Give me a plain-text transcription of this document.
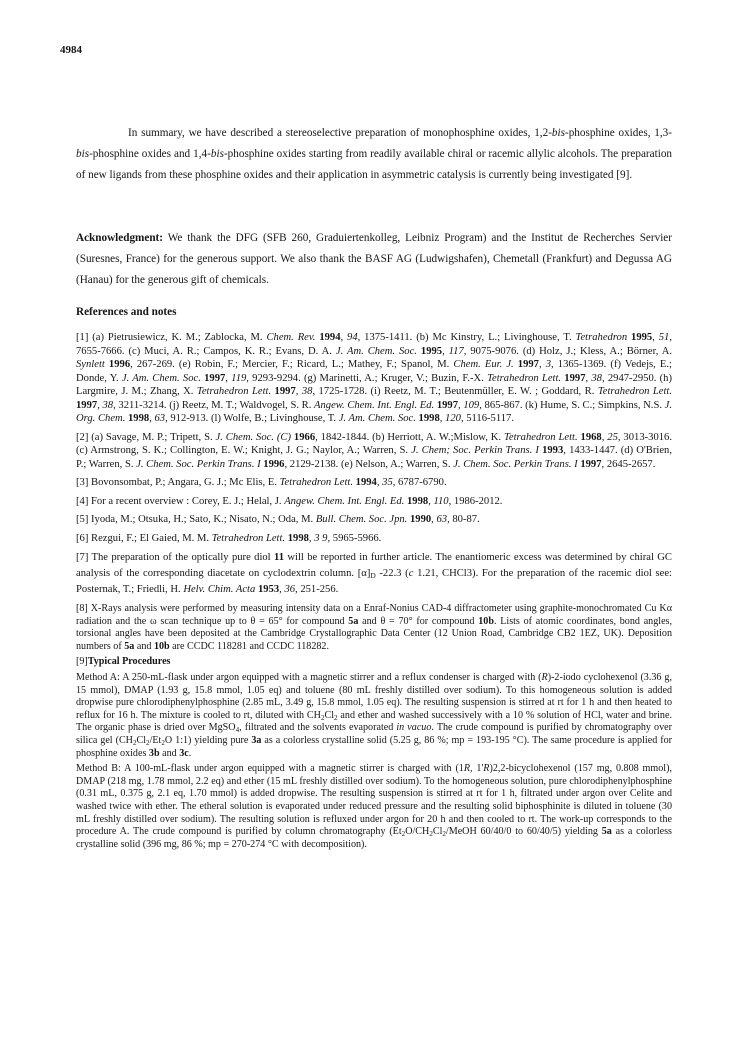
4984

In summary, we have described a stereoselective preparation of monophosphine oxides, 1,2-bis-phosphine oxides, 1,3-bis-phosphine oxides and 1,4-bis-phosphine oxides starting from readily available chiral or racemic allylic alcohols. The preparation of new ligands from these phosphine oxides and their application in asymmetric catalysis is currently being investigated [9].

Acknowledgment: We thank the DFG (SFB 260, Graduiertenkolleg, Leibniz Program) and the Institut de Recherches Servier (Suresnes, France) for the generous support. We also thank the BASF AG (Ludwigshafen), Chemetall (Frankfurt) and Degussa AG (Hanau) for the generous gift of chemicals.

References and notes

[1] (a) Pietrusiewicz, K. M.; Zablocka, M. Chem. Rev. 1994, 94, 1375-1411. (b) Mc Kinstry, L.; Livinghouse, T. Tetrahedron 1995, 51, 7655-7666. (c) Muci, A. R.; Campos, K. R.; Evans, D. A. J. Am. Chem. Soc. 1995, 117, 9075-9076. (d) Holz, J.; Kless, A.; Börner, A. Synlett 1996, 267-269. (e) Robin, F.; Mercier, F.; Ricard, L.; Mathey, F.; Spanol, M. Chem. Eur. J. 1997, 3, 1365-1369. (f) Vedejs, E.; Donde, Y. J. Am. Chem. Soc. 1997, 119, 9293-9294. (g) Marinetti, A.; Kruger, V.; Buzin, F.-X. Tetrahedron Lett. 1997, 38, 2947-2950. (h) Largmire, J. M.; Zhang, X. Tetrahedron Lett. 1997, 38, 1725-1728. (i) Reetz, M. T.; Beutenmüller, E. W. ; Goddard, R. Tetrahedron Lett. 1997, 38, 3211-3214. (j) Reetz, M. T.; Waldvogel, S. R. Angew. Chem. Int. Engl. Ed. 1997, 109, 865-867. (k) Hume, S. C.; Simpkins, N.S. J. Org. Chem. 1998, 63, 912-913. (l) Wolfe, B.; Livinghouse, T. J. Am. Chem. Soc. 1998, 120, 5116-5117.

[2] (a) Savage, M. P.; Tripett, S. J. Chem. Soc. (C) 1966, 1842-1844. (b) Herriott, A. W.;Mislow, K. Tetrahedron Lett. 1968, 25, 3013-3016. (c) Armstrong, S. K.; Collington, E. W.; Knight, J. G.; Naylor, A.; Warren, S. J. Chem; Soc. Perkin Trans. I 1993, 1433-1447. (d) O'Brien, P.; Warren, S. J. Chem. Soc. Perkin Trans. I 1996, 2129-2138. (e) Nelson, A.; Warren, S. J. Chem. Soc. Perkin Trans. I 1997, 2645-2657.

[3] Bovonsombat, P.; Angara, G. J.; Mc Elis, E. Tetrahedron Lett. 1994, 35, 6787-6790.

[4] For a recent overview : Corey, E. J.; Helal, J. Angew. Chem. Int. Engl. Ed. 1998, 110, 1986-2012.

[5] Iyoda, M.; Otsuka, H.; Sato, K.; Nisato, N.; Oda, M. Bull. Chem. Soc. Jpn. 1990, 63, 80-87.

[6] Rezgui, F.; El Gaied, M. M. Tetrahedron Lett. 1998, 3 9, 5965-5966.

[7] The preparation of the optically pure diol 11 will be reported in further article. The enantiomeric excess was determined by chiral GC analysis of the corresponding diacetate on cyclodextrin column. $[\alpha]_D$ -22.3 (c 1.21, CHCl3). For the preparation of the racemic diol see: Posternak, T.; Friedli, H. Helv. Chim. Acta 1953, 36, 251-256.

[8] X-Rays analysis were performed by measuring intensity data on a Enraf-Nonius CAD-4 diffractometer using graphite-monochromated Cu Kα radiation and the ω scan technique up to θ = 65° for compound 5a and θ = 70° for compound 10b. Lists of atomic coordinates, bond angles, torsional angles have been deposited at the Cambridge Crystallographic Data Center (12 Union Road, Cambridge CB2 1EZ, UK). Deposition numbers of 5a and 10b are CCDC 118281 and CCDC 118282.

[9]Typical Procedures

Method A: A 250-mL-flask under argon equipped with a magnetic stirrer and a reflux condenser is charged with (R)-2-iodo cyclohexenol (3.36 g, 15 mmol), DMAP (1.93 g, 15.8 mmol, 1.05 eq) and toluene (80 mL freshly distilled over sodium). To this homogeneous solution is added dropwise pure chlorodiphenylphosphine (2.85 mL, 3.49 g, 15.8 mmol, 1.05 eq). The resulting suspension is stirred at rt for 1 h and then heated to reflux for 16 h. The mixture is cooled to rt, diluted with $CH_2Cl_2$ and ether and washed successively with a 10 % solution of HCl, water and brine. The organic phase is dried over MgSO$_4$, filtrated and the solvents evaporated in vacuo. The crude compound is purified by chromatography over silica gel ($CH_2Cl_2/Et_2O$ 1:1) yielding pure 3a as a colorless crystalline solid (5.25 g, 86 %; mp = 193-195 °C). The same procedure is applied for phosphine oxides 3b and 3c.

Method B: A 100-mL-flask under argon equipped with a magnetic stirrer is charged with (1R, 1'R)2,2-bicyclohexenol (157 mg, 0.808 mmol), DMAP (218 mg, 1.78 mmol, 2.2 eq) and ether (15 mL freshly distilled over sodium). To the homogeneous solution, pure chlorodiphenylphosphine (0.31 mL, 0.375 g, 2.1 eq, 1.70 mmol) is added dropwise. The resulting suspension is stirred at rt for 1 h, filtrated under argon over Celite and washed twice with ether. The etheral solution is evaporated under reduced pressure and the resulting solid biphosphinite is diluted in toluene (30 mL freshly distilled over sodium). The resulting solution is refluxed under argon for 20 h and then cooled to rt. The work-up corresponds to the procedure A. The crude compound is purified by column chromatography ($Et_2O/CH_2Cl_2$/MeOH 60/40/0 to 60/40/5) yielding 5a as a colorless crystalline solid (396 mg, 86 %; mp = 270-274 °C with decomposition).
